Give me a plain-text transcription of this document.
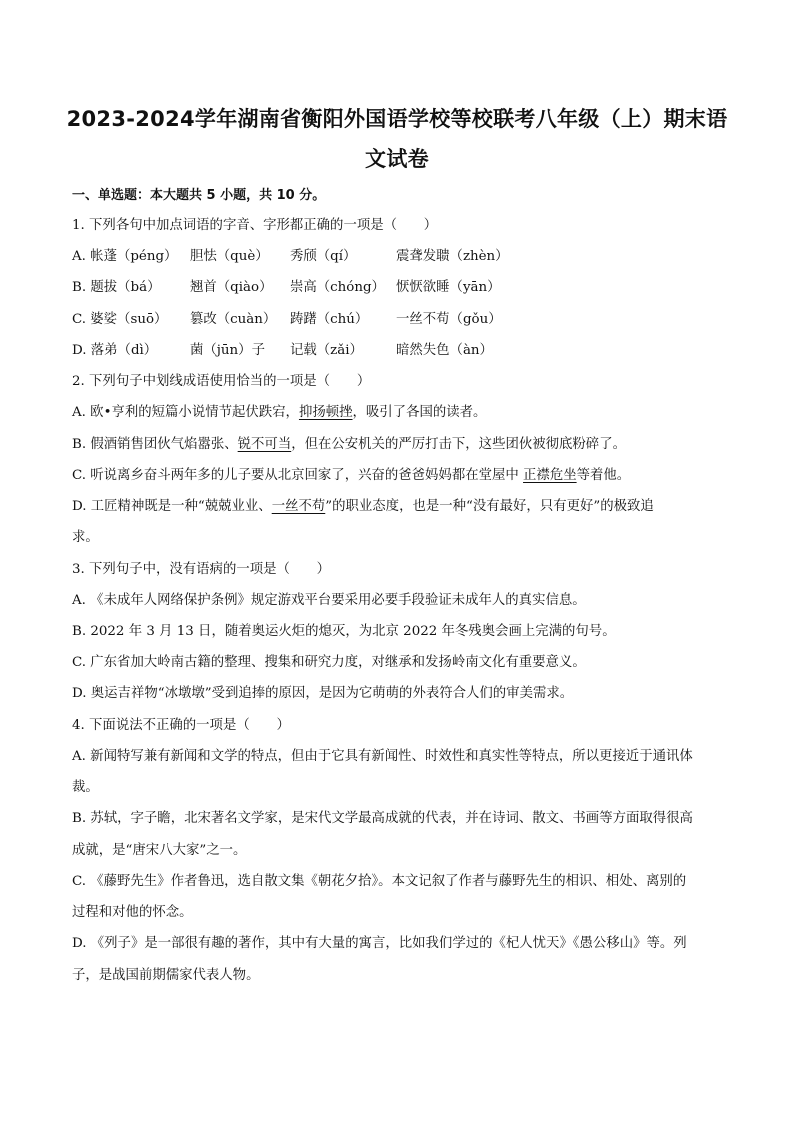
2023-2024学年湖南省衡阳外国语学校等校联考八年级（上）期末语
文试卷
一、单选题：本大题共 5 小题，共 10 分。
1. 下列各句中加点词语的字音、字形都正确的一项是（　　）
A. 帐蓬（péng） 胆怯（què） 秀颀（qí）	震聋发聩（zhèn）
B. 题拔（bá） 翘首（qiào） 崇高（chóng） 恹恹欲睡（yān）
C. 婆娑（suō） 篡改（cuàn） 踌躇（chú） 一丝不苟（gǒu）
D. 落弟（dì） 菌（jūn）子 记载（zǎi） 暗然失色（àn）
2. 下列句子中划线成语使用恰当的一项是（　　）
A. 欧•亨利的短篇小说情节起伏跌宕，抑扬顿挫，吸引了各国的读者。
B. 假酒销售团伙气焰嚣张、锐不可当，但在公安机关的严厉打击下，这些团伙被彻底粉碎了。
C. 听说离乡奋斗两年多的儿子要从北京回家了，兴奋的爸爸妈妈都在堂屋中 正襟危坐等着他。
D. 工匠精神既是一种“兢兢业业、一丝不苟”的职业态度，也是一种“没有最好，只有更好”的极致追
求。
3. 下列句子中，没有语病的一项是（　　）
A. 《未成年人网络保护条例》规定游戏平台要采用必要手段验证未成年人的真实信息。
B. 2022 年 3 月 13 日，随着奥运火炬的熄灭，为北京 2022 年冬残奥会画上完满的句号。
C. 广东省加大岭南古籍的整理、搜集和研究力度，对继承和发扬岭南文化有重要意义。
D. 奥运吉祥物“冰墩墩”受到追捧的原因，是因为它萌萌的外表符合人们的审美需求。
4. 下面说法不正确的一项是（　　）
A. 新闻特写兼有新闻和文学的特点，但由于它具有新闻性、时效性和真实性等特点，所以更接近于通讯体
裁。
B. 苏轼，字子瞻，北宋著名文学家，是宋代文学最高成就的代表，并在诗词、散文、书画等方面取得很高
成就，是“唐宋八大家”之一。
C. 《藤野先生》作者鲁迅，选自散文集《朝花夕拾》。本文记叙了作者与藤野先生的相识、相处、离别的
过程和对他的怀念。
D. 《列子》是一部很有趣的著作，其中有大量的寓言，比如我们学过的《杞人忧天》《愚公移山》等。列
子，是战国前期儒家代表人物。
